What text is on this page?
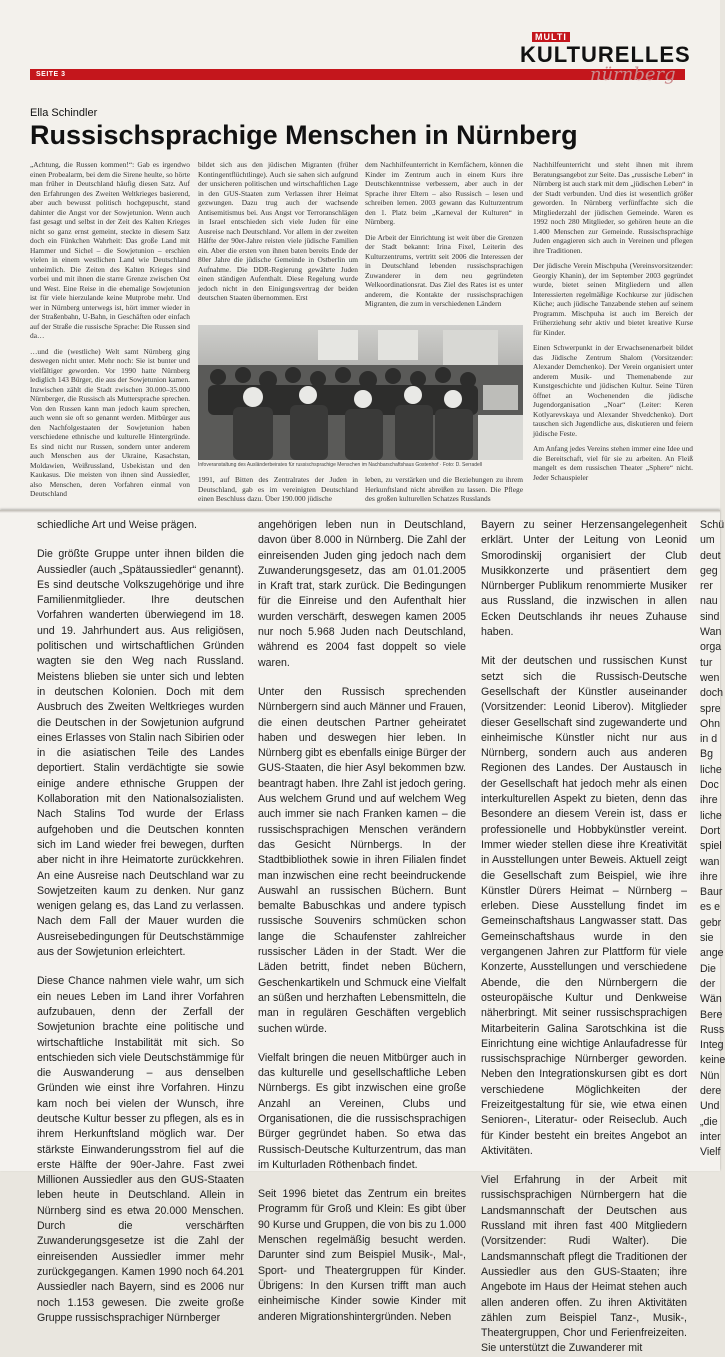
SEITE 3
MULTI
KULTURELLES
nürnberg
Ella Schindler
Russischsprachige Menschen in Nürnberg

„Achtung, die Russen kommen!“: Gab es irgendwo einen Probealarm, bei dem die Sirene heulte, so hörte man früher in Deutschland häufig diesen Satz. Auf den Erfahrungen des Zweiten Weltkrieges basierend, aber auch bewusst politisch hochgepuscht, stand dahinter die Angst vor der Sowjetunion. Wenn auch fast gesagt und selbst in der Zeit des Kalten Krieges nicht so ganz ernst gemeint, steckte in diesem Satz doch ein Fünkchen Wahrheit: Das große Land mit Hammer und Sichel – die Sowjetunion – erschien vielen in einem westlichen Land wie Deutschland unheimlich. Die Zeiten des Kalten Krieges sind vorbei und mit ihnen die starre Grenze zwischen Ost und West. Eine Reise in die ehemalige Sowjetunion ist für viele hierzulande keine Mutprobe mehr. Und wer in Nürnberg unterwegs ist, hört immer wieder in der Straßenbahn, U-Bahn, in Geschäften oder einfach auf der Straße die russische Sprache: Die Russen sind da…

…und die (westliche) Welt samt Nürnberg ging deswegen nicht unter. Mehr noch: Sie ist bunter und vielfältiger geworden. Vor 1990 hatte Nürnberg lediglich 143 Bürger, die aus der Sowjetunion kamen. Inzwischen zählt die Stadt zwischen 30.000–35.000 Nürnberger, die Russisch als Muttersprache sprechen. Von den Russen kann man jedoch kaum sprechen, auch wenn sie oft so genannt werden. Mitbürger aus den Nachfolgestaaten der Sowjetunion haben verschiedene ethnische und kulturelle Hintergründe. Es sind nicht nur Russen, sondern unter anderem auch Menschen aus der Ukraine, Kasachstan, Moldawien, Weißrussland, Usbekistan und den Kaukasus. Die meisten von ihnen sind Aussiedler, also Menschen, deren Vorfahren einmal von Deutschland

bildet sich aus den jüdischen Migranten (früher Kontingentflüchtlinge). Auch sie sahen sich aufgrund der unsicheren politischen und wirtschaftlichen Lage in den GUS-Staaten zum Verlassen ihrer Heimat gezwungen. Dazu trug auch der wachsende Antisemitismus bei. Aus Angst vor Terroranschlägen in Israel entschieden sich viele Juden für eine Ausreise nach Deutschland. Vor allem in der zweiten Hälfte der 90er-Jahre reisten viele jüdische Familien ein. Aber die ersten von ihnen baten bereits Ende der 80er Jahre die jüdische Gemeinde in Ostberlin um Aufnahme. Die DDR-Regierung gewährte Juden einen ständigen Aufenthalt. Diese Regelung wurde jedoch nicht in den Einigungsvertrag der beiden deutschen Staaten übernommen. Erst

dem Nachhilfeunterricht in Kernfächern, können die Kinder im Zentrum auch in einem Kurs ihre Deutschkenntnisse verbessern, aber auch in der Sprache ihrer Eltern – also Russisch – lesen und schreiben lernen. 2003 gewann das Kulturzentrum den 1. Platz beim „Karneval der Kulturen“ in Nürnberg.

Die Arbeit der Einrichtung ist weit über die Grenzen der Stadt bekannt: Irina Fixel, Leiterin des Kulturzentrums, vertritt seit 2006 die Interessen der in Deutschland lebenden russischsprachigen Zuwanderer in dem neu gegründeten Welkoordinationsrat. Das Ziel des Rates ist es unter anderem, die Kontakte der russischsprachigen Migranten, die zum in verschiedenen Ländern

Nachhilfeunterricht und steht ihnen mit ihrem Beratungsangebot zur Seite. Das „russische Leben“ in Nürnberg ist auch stark mit dem „jüdischen Leben“ in der Stadt verbunden. Und dies ist wesentlich größer geworden. In Nürnberg verfünffachte sich die Mitgliederzahl der jüdischen Gemeinde. Waren es 1992 noch 280 Mitglieder, so gehören heute an die 1.400 Menschen zur Gemeinde. Russischsprachige Juden engagieren sich auch in Vereinen und pflegen ihre Traditionen.

Der jüdische Verein Mischpuha (Vereinsvorsitzender: Georgiy Khanin), der im September 2003 gegründet wurde, bietet seinen Mitgliedern und allen Interessierten regelmäßige Kochkurse zur jüdischen Küche; auch jüdische Tanzabende stehen auf seinem Programm. Mischpuha ist auch im Bereich der Früherziehung sehr aktiv und bietet kreative Kurse für Kinder.

Einen Schwerpunkt in der Erwachsenenarbeit bildet das Jüdische Zentrum Shalom (Vorsitzender: Alexander Demchenko). Der Verein organisiert unter anderem Musik- und Themenabende zur Kunstgeschichte und jüdischen Kultur. Seine Türen öffnet an Wochenenden die jüdische Jugendorganisation „Noar“ (Leiter: Keren Kotlyarevskaya und Alexander Shvedchenko). Dort tauschen sich Jugendliche aus, diskutieren und feiern jüdische Feste.

Am Anfang jedes Vereins stehen immer eine Idee und die Bereitschaft, viel für sie zu arbeiten. An Fleiß mangelt es dem russischen Theater „Sphere“ nicht. Jeder Schauspieler

Infoveranstaltung des Ausländerbeirates für russischsprachige Menschen im Nachbarschaftshaus Gostenhof · Foto: D. Serradell

1991, auf Bitten des Zentralrates der Juden in Deutschland, gab es im vereinigten Deutschland einen Beschluss dazu. Über 190.000 jüdische

leben, zu verstärken und die Beziehungen zu ihrem Herkunftsland nicht abreißen zu lassen. Die Pflege des großen kulturellen Schatzes Russlands

schiedliche Art und Weise prägen.

Die größte Gruppe unter ihnen bilden die Aussiedler (auch „Spätaussiedler“ genannt). Es sind deutsche Volkszugehörige und ihre Familienmitglieder. Ihre deutschen Vorfahren wanderten überwiegend im 18. und 19. Jahrhundert aus. Aus religiösen, politischen und wirtschaftlichen Gründen wagten sie den Weg nach Russland. Meistens blieben sie unter sich und lebten in deutschen Kolonien. Doch mit dem Ausbruch des Zweiten Weltkrieges wurden die Deutschen in der Sowjetunion aufgrund eines Erlasses von Stalin nach Sibirien oder in die asiatischen Teile des Landes deportiert. Stalin verdächtigte sie sowie einige andere ethnische Gruppen der Kollaboration mit den Nationalsozialisten. Nach Stalins Tod wurde der Erlass aufgehoben und die Deutschen konnten sich im Land wieder frei bewegen, durften aber nicht in ihre Heimatorte zurückkehren. An eine Ausreise nach Deutschland war zu Sowjetzeiten kaum zu denken. Nur ganz wenigen gelang es, das Land zu verlassen. Nach dem Fall der Mauer wurden die Ausreisebedingungen für Deutschstämmige aus der Sowjetunion erleichtert.

Diese Chance nahmen viele wahr, um sich ein neues Leben im Land ihrer Vorfahren aufzubauen, denn der Zerfall der Sowjetunion brachte eine politische und wirtschaftliche Instabilität mit sich. So entschieden sich viele Deutschstämmige für die Auswanderung – aus denselben Gründen wie einst ihre Vorfahren. Hinzu kam noch bei vielen der Wunsch, ihre deutsche Kultur besser zu pflegen, als es in ihrem Herkunftsland möglich war. Der stärkste Einwanderungsstrom fiel auf die erste Hälfte der 90er-Jahre. Fast zwei Millionen Aussiedler aus den GUS-Staaten leben heute in Deutschland. Allein in Nürnberg sind es etwa 20.000 Menschen. Durch die verschärften Zuwanderungsgesetze ist die Zahl der einreisenden Aussiedler immer mehr zurückgegangen. Kamen 1990 noch 64.201 Aussiedler nach Bayern, sind es 2006 nur noch 1.153 gewesen. Die zweite große Gruppe russischsprachiger Nürnberger

angehörigen leben nun in Deutschland, davon über 8.000 in Nürnberg. Die Zahl der einreisenden Juden ging jedoch nach dem Zuwanderungsgesetz, das am 01.01.2005 in Kraft trat, stark zurück. Die Bedingungen für die Einreise und den Aufenthalt hier wurden verschärft, deswegen kamen 2005 nur noch 5.968 Juden nach Deutschland, während es 2004 fast doppelt so viele waren.

Unter den Russisch sprechenden Nürnbergern sind auch Männer und Frauen, die einen deutschen Partner geheiratet haben und deswegen hier leben. In Nürnberg gibt es ebenfalls einige Bürger der GUS-Staaten, die hier Asyl bekommen bzw. beantragt haben. Ihre Zahl ist jedoch gering. Aus welchem Grund und auf welchem Weg auch immer sie nach Franken kamen – die russischsprachigen Menschen verändern das Gesicht Nürnbergs. In der Stadtbibliothek sowie in ihren Filialen findet man inzwischen eine recht beeindruckende Auswahl an russischen Büchern. Bunt bemalte Babuschkas und andere typisch russische Souvenirs schmücken schon lange die Schaufenster zahlreicher russischer Läden in der Stadt. Wer die Läden betritt, findet neben Büchern, Geschenkartikeln und Schmuck eine Vielfalt an süßen und herzhaften Lebensmitteln, die man in regulären Geschäften vergeblich suchen würde.

Vielfalt bringen die neuen Mitbürger auch in das kulturelle und gesellschaftliche Leben Nürnbergs. Es gibt inzwischen eine große Anzahl an Vereinen, Clubs und Organisationen, die die russischsprachigen Bürger gegründet haben. So etwa das Russisch-Deutsche Kulturzentrum, das man im Kulturladen Röthenbach findet.

Seit 1996 bietet das Zentrum ein breites Programm für Groß und Klein: Es gibt über 90 Kurse und Gruppen, die von bis zu 1.000 Menschen regelmäßig besucht werden. Darunter sind zum Beispiel Musik-, Mal-, Sport- und Theatergruppen für Kinder. Übrigens: In den Kursen trifft man auch einheimische Kinder sowie Kinder mit anderen Migrationshintergründen. Neben

Bayern zu seiner Herzensangelegenheit erklärt. Unter der Leitung von Leonid Smorodinskij organisiert der Club Musikkonzerte und präsentiert dem Nürnberger Publikum renommierte Musiker aus Russland, die inzwischen in allen Ecken Deutschlands ihr neues Zuhause haben.

Mit der deutschen und russischen Kunst setzt sich die Russisch-Deutsche Gesellschaft der Künstler auseinander (Vorsitzender: Leonid Liberov). Mitglieder dieser Gesellschaft sind zugewanderte und einheimische Künstler nicht nur aus Nürnberg, sondern auch aus anderen Regionen des Landes. Der Austausch in der Gesellschaft hat jedoch mehr als einen interkulturellen Aspekt zu bieten, denn das Besondere an diesem Verein ist, dass er professionelle und Hobbykünstler vereint. Immer wieder stellen diese ihre Kreativität in Ausstellungen unter Beweis. Aktuell zeigt die Gesellschaft zum Beispiel, wie ihre Künstler Dürers Heimat – Nürnberg – erleben. Diese Ausstellung findet im Gemeinschaftshaus Langwasser statt. Das Gemeinschaftshaus wurde in den vergangenen Jahren zur Plattform für viele Konzerte, Ausstellungen und verschiedene Abende, die den Nürnbergern die osteuropäische Kultur und Denkweise näherbringt. Mit seiner russischsprachigen Mitarbeiterin Galina Sarotschkina ist die Einrichtung eine wichtige Anlaufadresse für russischsprachige Nürnberger geworden. Neben den Integrationskursen gibt es dort verschiedene Möglichkeiten der Freizeitgestaltung für sie, wie etwa einen Senioren-, Literatur- oder Reiseclub. Auch für Kinder besteht ein breites Angebot an Aktivitäten.

Viel Erfahrung in der Arbeit mit russischsprachigen Nürnbergern hat die Landsmannschaft der Deutschen aus Russland mit ihren fast 400 Mitgliedern (Vorsitzender: Rudi Walter). Die Landsmannschaft pflegt die Traditionen der Aussiedler aus den GUS-Staaten; ihre Angebote im Haus der Heimat stehen auch allen anderen offen. Zu ihren Aktivitäten zählen zum Beispiel Tanz-, Musik-, Theatergruppen, Chor und Ferienfreizeiten. Sie unterstützt die Zuwanderer mit

Schü
um
deut
geg
rer
nau
sind
Wan
orga
tur
wen
doch
spre
Ohn
in d
Bg
liche
Doc
ihre
liche
Dort
spiel
wan
ihre
Baur
es e
gebr
sie
ange
Die
der
Wän
Bere
Russ
Integ
keine
Nün
dere
Und
„die
inter
Vielf
